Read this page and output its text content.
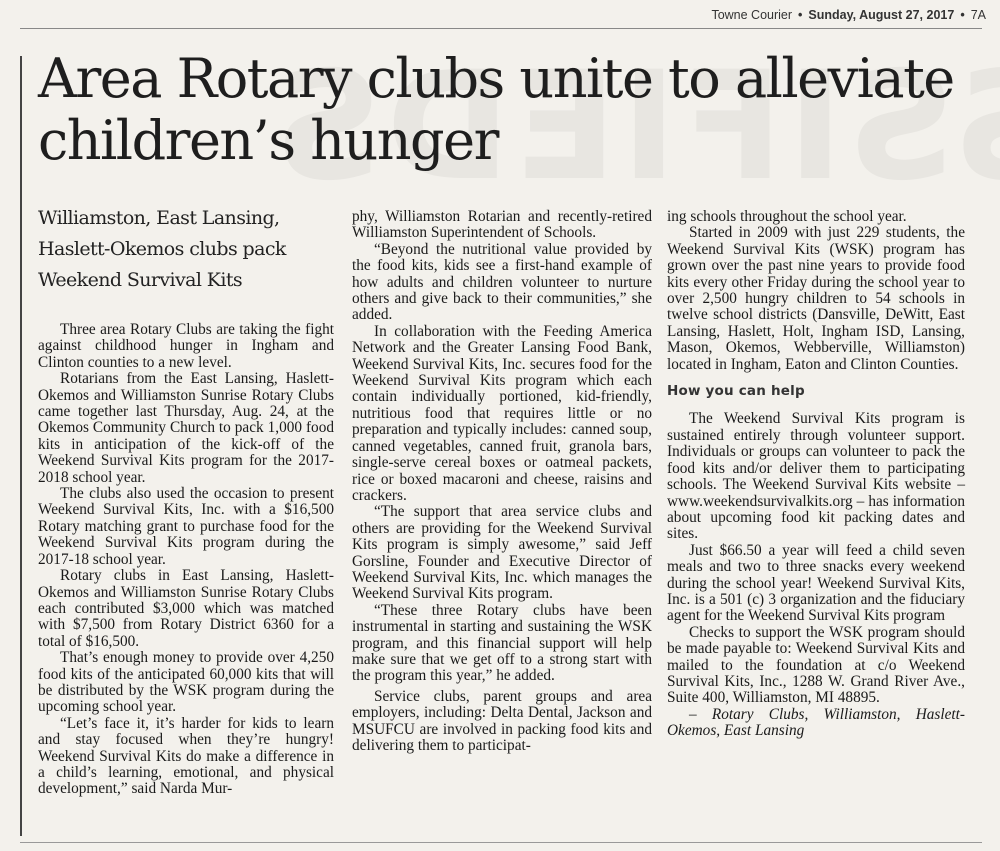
Towne Courier • Sunday, August 27, 2017 • 7A
Area Rotary clubs unite to alleviate children’s hunger
Williamston, East Lansing, Haslett-Okemos clubs pack Weekend Survival Kits

Three area Rotary Clubs are taking the fight against childhood hunger in Ingham and Clinton counties to a new level.

Rotarians from the East Lansing, Haslett-Okemos and Williamston Sunrise Rotary Clubs came together last Thursday, Aug. 24, at the Okemos Community Church to pack 1,000 food kits in anticipation of the kick-off of the Weekend Survival Kits program for the 2017-2018 school year.

The clubs also used the occasion to present Weekend Survival Kits, Inc. with a $16,500 Rotary matching grant to purchase food for the Weekend Survival Kits program during the 2017-18 school year.

Rotary clubs in East Lansing, Haslett-Okemos and Williamston Sunrise Rotary Clubs each contributed $3,000 which was matched with $7,500 from Rotary District 6360 for a total of $16,500.

That’s enough money to provide over 4,250 food kits of the anticipated 60,000 kits that will be distributed by the WSK program during the upcoming school year.

“Let’s face it, it’s harder for kids to learn and stay focused when they’re hungry! Weekend Survival Kits do make a difference in a child’s learning, emotional, and physical development,” said Narda Mur-

phy, Williamston Rotarian and recently-retired Williamston Superintendent of Schools.

“Beyond the nutritional value provided by the food kits, kids see a first-hand example of how adults and children volunteer to nurture others and give back to their communities,” she added.

In collaboration with the Feeding America Network and the Greater Lansing Food Bank, Weekend Survival Kits, Inc. secures food for the Weekend Survival Kits program which each contain individually portioned, kid-friendly, nutritious food that requires little or no preparation and typically includes: canned soup, canned vegetables, canned fruit, granola bars, single-serve cereal boxes or oatmeal packets, rice or boxed macaroni and cheese, raisins and crackers.

“The support that area service clubs and others are providing for the Weekend Survival Kits program is simply awesome,” said Jeff Gorsline, Founder and Executive Director of Weekend Survival Kits, Inc. which manages the Weekend Survival Kits program.

“These three Rotary clubs have been instrumental in starting and sustaining the WSK program, and this financial support will help make sure that we get off to a strong start with the program this year,” he added.

Service clubs, parent groups and area employers, including: Delta Dental, Jackson and MSUFCU are involved in packing food kits and delivering them to participat-

ing schools throughout the school year.

Started in 2009 with just 229 students, the Weekend Survival Kits (WSK) program has grown over the past nine years to provide food kits every other Friday during the school year to over 2,500 hungry children to 54 schools in twelve school districts (Dansville, DeWitt, East Lansing, Haslett, Holt, Ingham ISD, Lansing, Mason, Okemos, Webberville, Williamston) located in Ingham, Eaton and Clinton Counties.

How you can help

The Weekend Survival Kits program is sustained entirely through volunteer support. Individuals or groups can volunteer to pack the food kits and/or deliver them to participating schools. The Weekend Survival Kits website – www.weekendsurvivalkits.org – has information about upcoming food kit packing dates and sites.

Just $66.50 a year will feed a child seven meals and two to three snacks every weekend during the school year! Weekend Survival Kits, Inc. is a 501 (c) 3 organization and the fiduciary agent for the Weekend Survival Kits program

Checks to support the WSK program should be made payable to: Weekend Survival Kits and mailed to the foundation at c/o Weekend Survival Kits, Inc., 1288 W. Grand River Ave., Suite 400, Williamston, MI 48895.

– Rotary Clubs, Williamston, Haslett-Okemos, East Lansing
